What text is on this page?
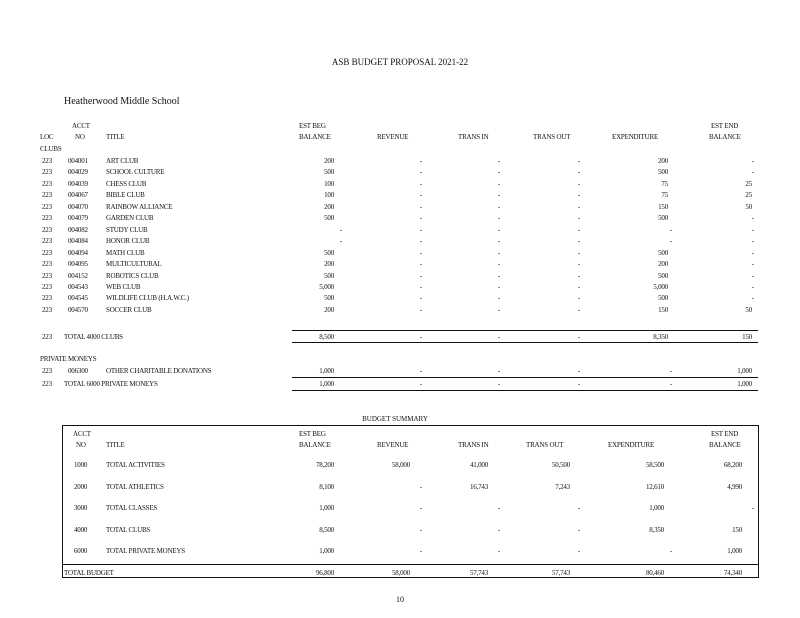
ASB BUDGET PROPOSAL 2021-22
Heatherwood Middle School
ACCT
LOC	NO	TITLE
EST BEG
BALANCE	REVENUE	TRANS IN	TRANS OUT	EXPENDITURE
EST END
BALANCE
CLUBS
223	004001	ART CLUB	200	-	-	-	200	-
223	004029	SCHOOL CULTURE	500	-	-	-	500	-
223	004039	CHESS CLUB	100	-	-	-	75	25
223	004067	BIBLE CLUB	100	-	-	-	75	25
223	004070	RAINBOW ALLIANCE	200	-	-	-	150	50
223	004079	GARDEN CLUB	500	-	-	-	500	-
223	004082	STUDY CLUB	-	-	-	-	-	-
223	004084	HONOR CLUB	-	-	-	-	-	-
223	004094	MATH CLUB	500	-	-	-	500	-
223	004095	MULTICULTURAL	200	-	-	-	200	-
223	004152	ROBOTICS CLUB	500	-	-	-	500	-
223	004543	WEB CLUB	5,000	-	-	-	5,000	-
223	004545	WILDLIFE CLUB (H.A.W.C.)	500	-	-	-	500	-
223	004570	SOCCER CLUB	200	-	-	-	150	50
223	TOTAL 4000 CLUBS	8,500	-	-	-	8,350	150
PRIVATE MONEYS
223	006300	OTHER CHARITABLE DONATIONS	1,000	-	-	-	-	1,000
223	TOTAL 6000 PRIVATE MONEYS	1,000	-	-	-	-	1,000
BUDGET SUMMARY
ACCT
NO	TITLE
EST BEG
BALANCE	REVENUE	TRANS IN	TRANS OUT	EXPENDITURE
EST END
BALANCE
1000	TOTAL ACTIVITIES	78,200	58,000	41,000	50,500	58,500	68,200
2000	TOTAL ATHLETICS	8,100	-	16,743	7,243	12,610	4,990
3000	TOTAL CLASSES	1,000	-	-	-	1,000	-
4000	TOTAL CLUBS	8,500	-	-	-	8,350	150
6000	TOTAL PRIVATE MONEYS	1,000	-	-	-	-	1,000
TOTAL BUDGET	96,800	58,000	57,743	57,743	80,460	74,340
10
